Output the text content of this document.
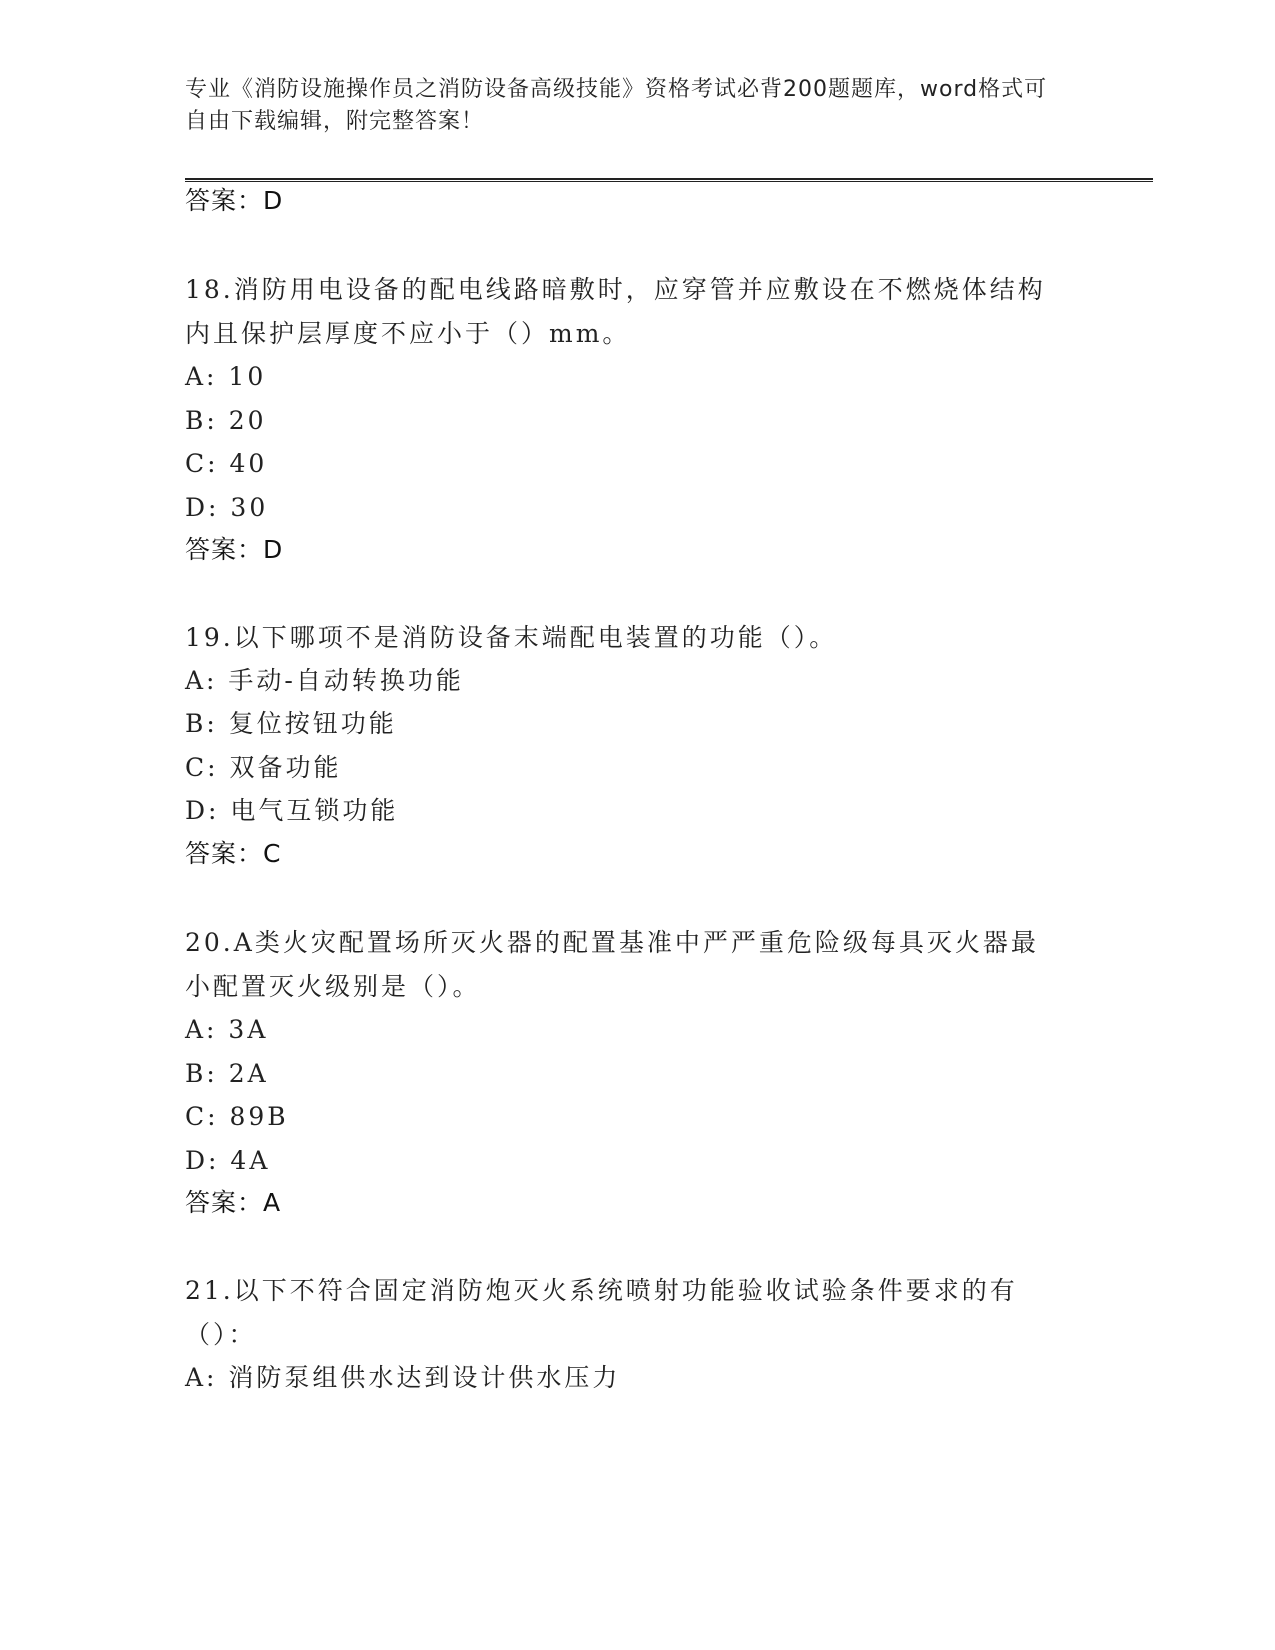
专业《消防设施操作员之消防设备高级技能》资格考试必背200题题库，word格式可自由下载编辑，附完整答案！
答案：D
18.消防用电设备的配电线路暗敷时，应穿管并应敷设在不燃烧体结构内且保护层厚度不应小于（）mm。
A: 10
B: 20
C: 40
D: 30
答案：D
19.以下哪项不是消防设备末端配电装置的功能（）。
A: 手动-自动转换功能
B: 复位按钮功能
C: 双备功能
D: 电气互锁功能
答案：C
20.A类火灾配置场所灭火器的配置基准中严严重危险级每具灭火器最小配置灭火级别是（）。
A: 3A
B: 2A
C: 89B
D: 4A
答案：A
21.以下不符合固定消防炮灭火系统喷射功能验收试验条件要求的有（）：
A: 消防泵组供水达到设计供水压力
